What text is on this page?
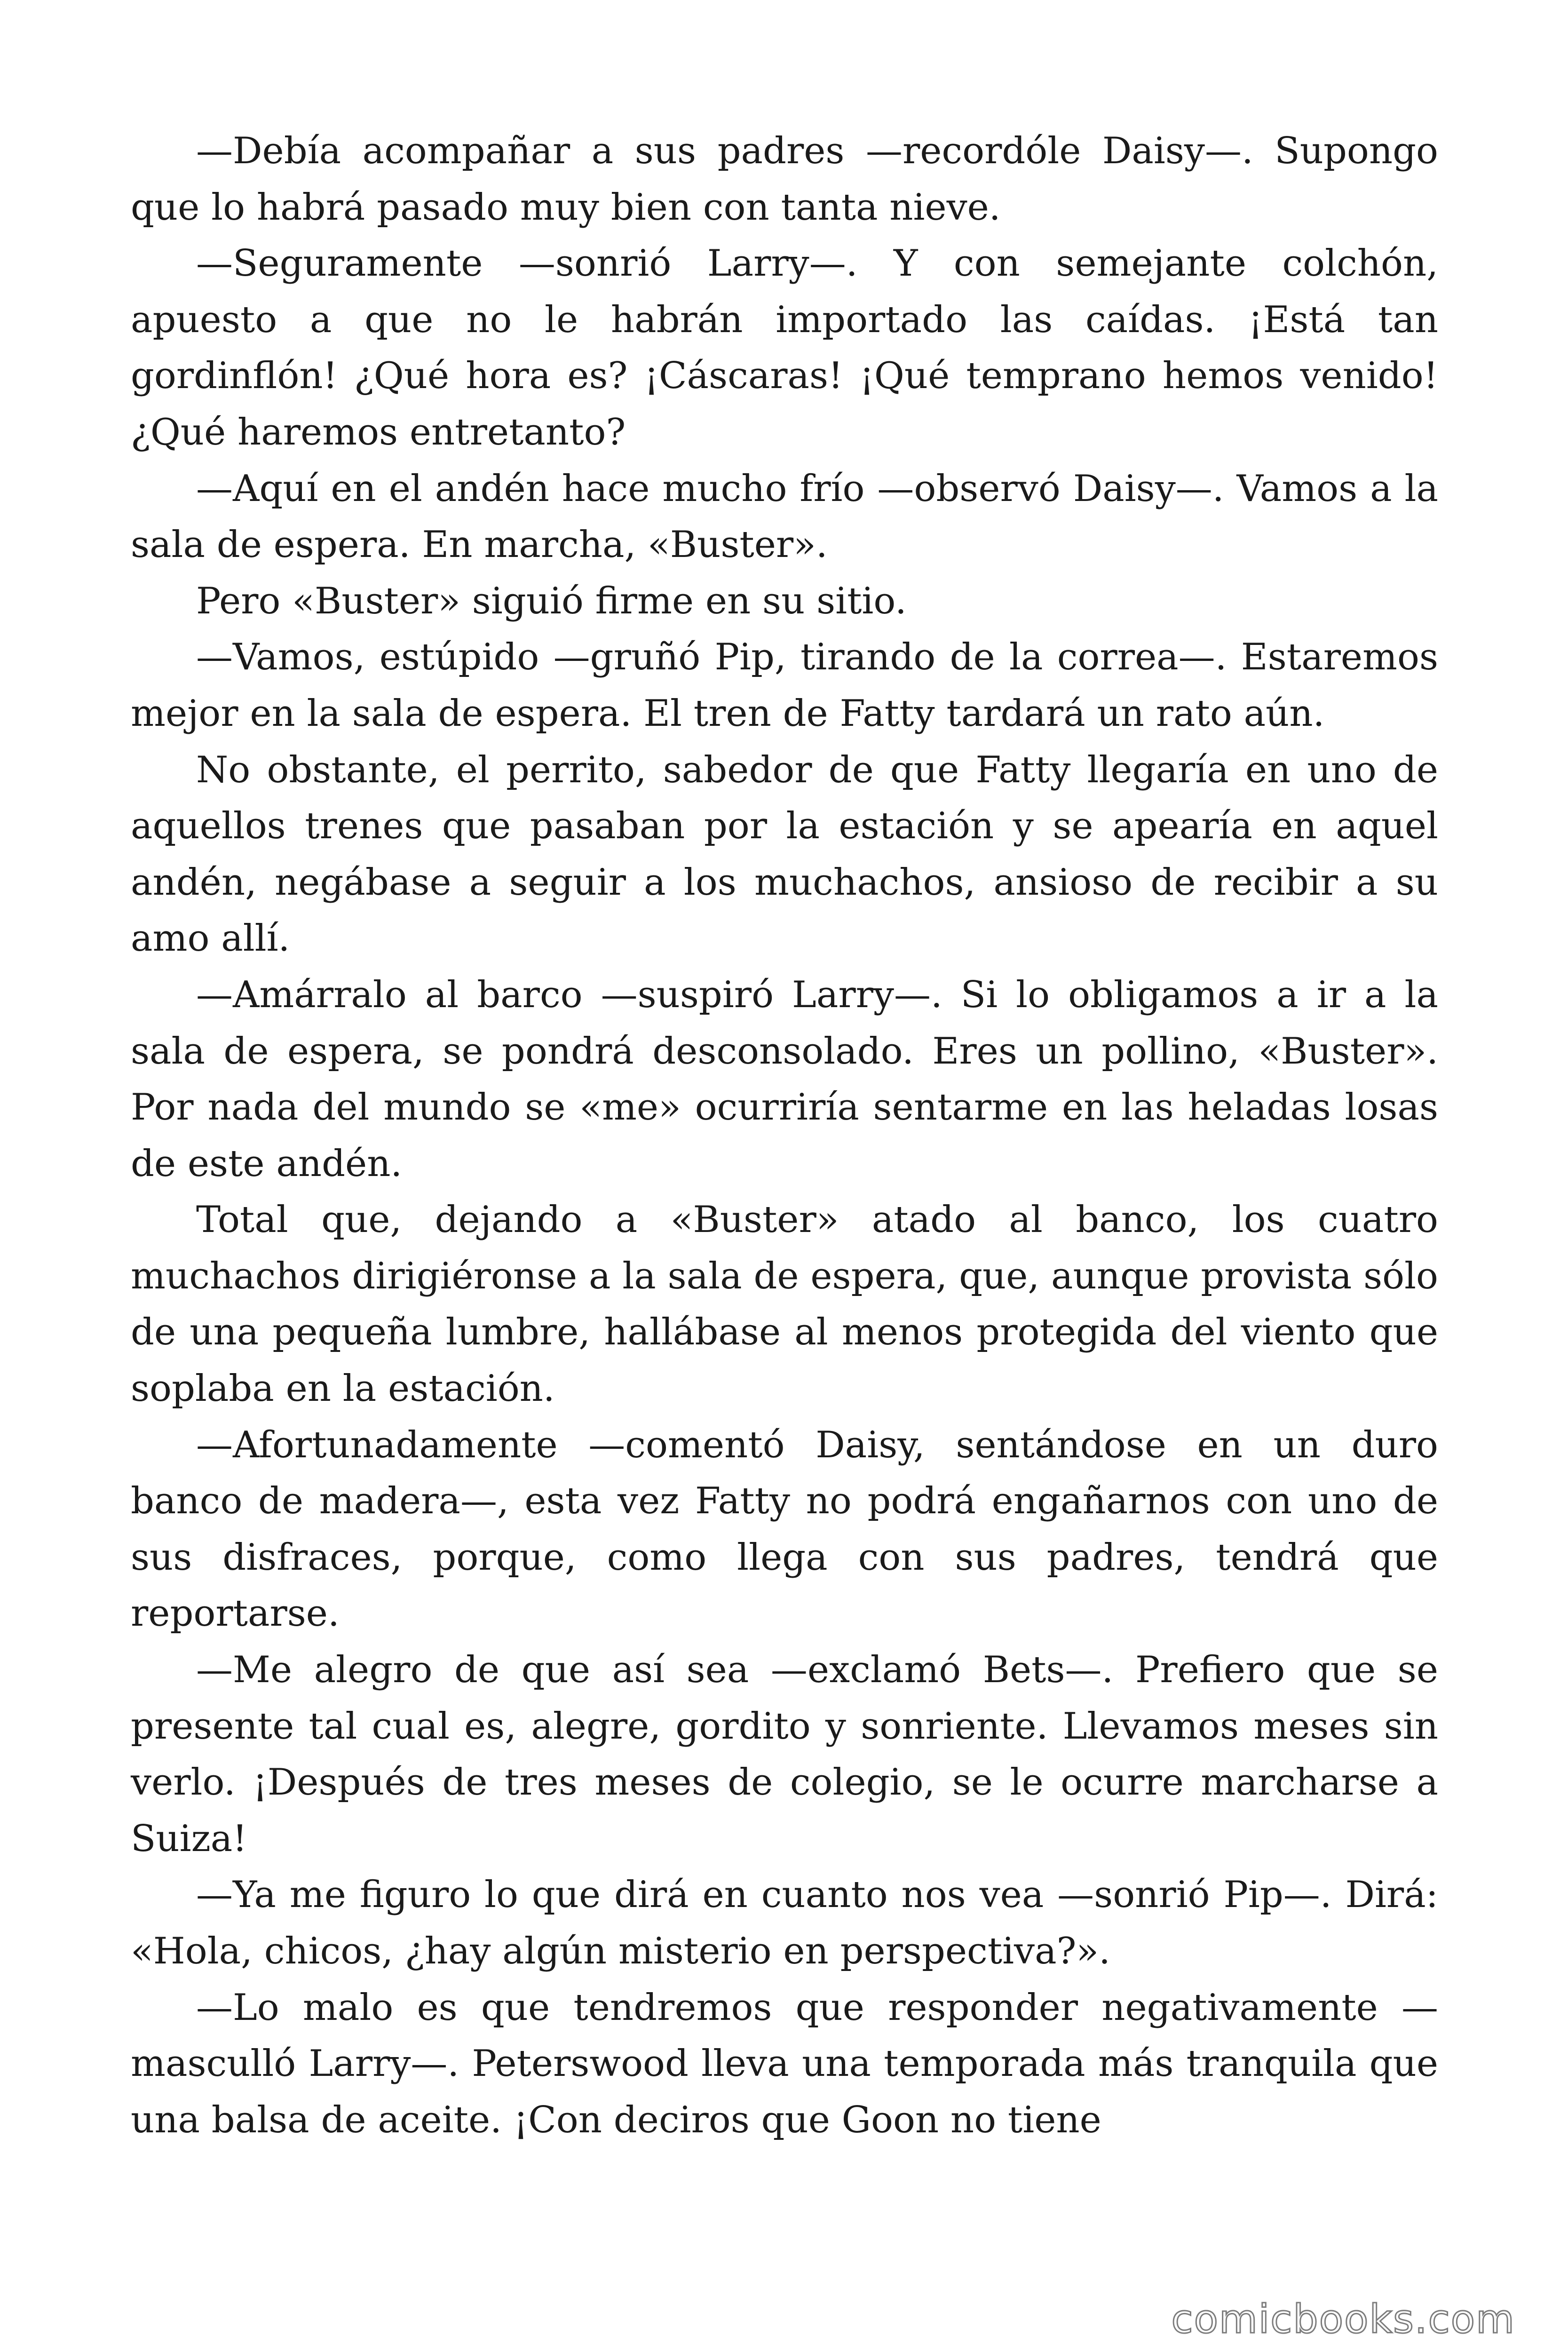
—Debía acompañar a sus padres —recordóle Daisy—. Supongo que lo habrá pasado muy bien con tanta nieve.

—Seguramente —sonrió Larry—. Y con semejante colchón, apuesto a que no le habrán importado las caídas. ¡Está tan gordinflón! ¿Qué hora es? ¡Cáscaras! ¡Qué temprano hemos venido! ¿Qué haremos entretanto?

—Aquí en el andén hace mucho frío —observó Daisy—. Vamos a la sala de espera. En marcha, «Buster».

Pero «Buster» siguió firme en su sitio.

—Vamos, estúpido —gruñó Pip, tirando de la correa—. Estaremos mejor en la sala de espera. El tren de Fatty tardará un rato aún.

No obstante, el perrito, sabedor de que Fatty llegaría en uno de aquellos trenes que pasaban por la estación y se apearía en aquel andén, negábase a seguir a los muchachos, ansioso de recibir a su amo allí.

—Amárralo al barco —suspiró Larry—. Si lo obligamos a ir a la sala de espera, se pondrá desconsolado. Eres un pollino, «Buster». Por nada del mundo se «me» ocurriría sentarme en las heladas losas de este andén.

Total que, dejando a «Buster» atado al banco, los cuatro muchachos dirigiéronse a la sala de espera, que, aunque provista sólo de una pequeña lumbre, hallábase al menos protegida del viento que soplaba en la estación.

—Afortunadamente —comentó Daisy, sentándose en un duro banco de madera—, esta vez Fatty no podrá engañarnos con uno de sus disfraces, porque, como llega con sus padres, tendrá que reportarse.

—Me alegro de que así sea —exclamó Bets—. Prefiero que se presente tal cual es, alegre, gordito y sonriente. Llevamos meses sin verlo. ¡Después de tres meses de colegio, se le ocurre marcharse a Suiza!

—Ya me figuro lo que dirá en cuanto nos vea —sonrió Pip—. Dirá: «Hola, chicos, ¿hay algún misterio en perspectiva?».

—Lo malo es que tendremos que responder negativamente —masculló Larry—. Peterswood lleva una temporada más tranquila que una balsa de aceite. ¡Con deciros que Goon no tiene

comicbooks.com
